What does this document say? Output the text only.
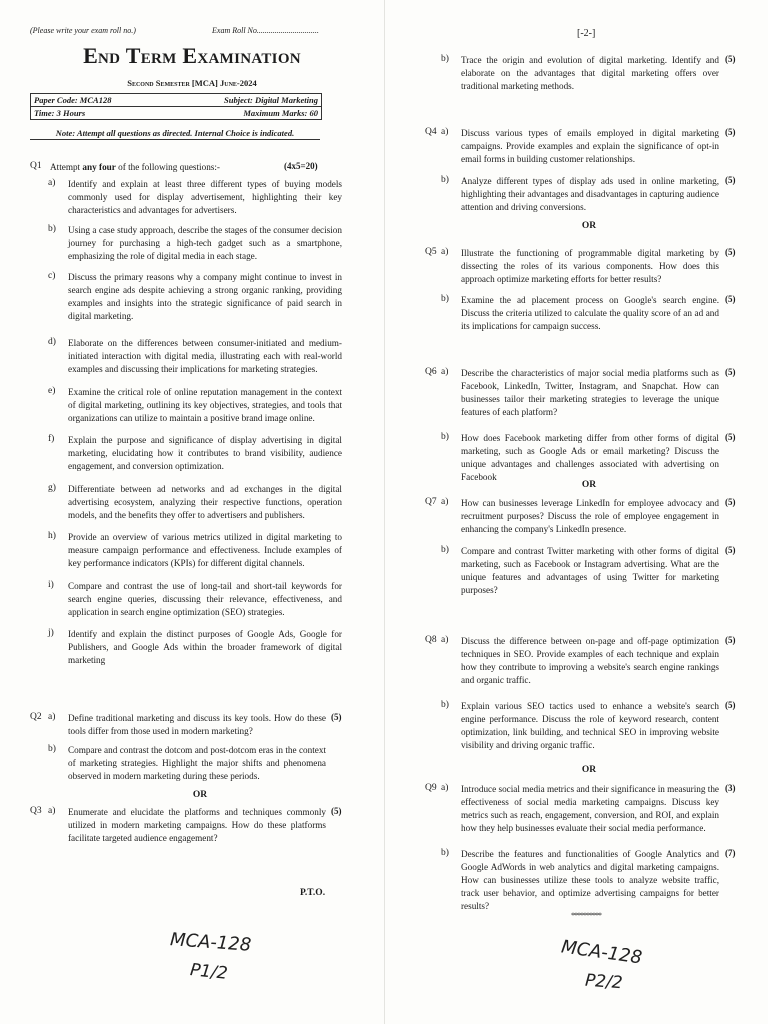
(Please write your exam roll no.)	Exam Roll No...............................
End Term Examination
Second Semester [MCA] June-2024
Paper Code: MCA128	Subject: Digital Marketing
Time: 3 Hours	Maximum Marks: 60
Note: Attempt all questions as directed. Internal Choice is indicated.
Q1 Attempt any four of the following questions:-	(4x5=20)
a) Identify and explain at least three different types of buying models commonly used for display advertisement, highlighting their key characteristics and advantages for advertisers.
b) Using a case study approach, describe the stages of the consumer decision journey for purchasing a high-tech gadget such as a smartphone, emphasizing the role of digital media in each stage.
c) Discuss the primary reasons why a company might continue to invest in search engine ads despite achieving a strong organic ranking, providing examples and insights into the strategic significance of paid search in digital marketing.
d) Elaborate on the differences between consumer-initiated and medium-initiated interaction with digital media, illustrating each with real-world examples and discussing their implications for marketing strategies.
e) Examine the critical role of online reputation management in the context of digital marketing, outlining its key objectives, strategies, and tools that organizations can utilize to maintain a positive brand image online.
f) Explain the purpose and significance of display advertising in digital marketing, elucidating how it contributes to brand visibility, audience engagement, and conversion optimization.
g) Differentiate between ad networks and ad exchanges in the digital advertising ecosystem, analyzing their respective functions, operation models, and the benefits they offer to advertisers and publishers.
h) Provide an overview of various metrics utilized in digital marketing to measure campaign performance and effectiveness. Include examples of key performance indicators (KPIs) for different digital channels.
i) Compare and contrast the use of long-tail and short-tail keywords for search engine queries, discussing their relevance, effectiveness, and application in search engine optimization (SEO) strategies.
j) Identify and explain the distinct purposes of Google Ads, Google for Publishers, and Google Ads within the broader framework of digital marketing
Q2 a) Define traditional marketing and discuss its key tools. How do these tools differ from those used in modern marketing?
(5)
b) Compare and contrast the dotcom and post-dotcom eras in the context of marketing strategies. Highlight the major shifts and phenomena observed in modern marketing during these periods.
OR
Q3 a) Enumerate and elucidate the platforms and techniques commonly utilized in modern marketing campaigns. How do these platforms facilitate targeted audience engagement?
(5)
P.T.O.
MCA-128
P1/2
[-2-]
b) Trace the origin and evolution of digital marketing. Identify and elaborate on the advantages that digital marketing offers over traditional marketing methods.
(5)
Q4 a) Discuss various types of emails employed in digital marketing campaigns. Provide examples and explain the significance of opt-in email forms in building customer relationships.
(5)
b) Analyze different types of display ads used in online marketing, highlighting their advantages and disadvantages in capturing audience attention and driving conversions.
(5)
OR
Q5 a) Illustrate the functioning of programmable digital marketing by dissecting the roles of its various components. How does this approach optimize marketing efforts for better results?
(5)
b) Examine the ad placement process on Google's search engine. Discuss the criteria utilized to calculate the quality score of an ad and its implications for campaign success.
(5)
Q6 a) Describe the characteristics of major social media platforms such as Facebook, LinkedIn, Twitter, Instagram, and Snapchat. How can businesses tailor their marketing strategies to leverage the unique features of each platform?
(5)
b) How does Facebook marketing differ from other forms of digital marketing, such as Google Ads or email marketing? Discuss the unique advantages and challenges associated with advertising on Facebook
(5)
OR
Q7 a) How can businesses leverage LinkedIn for employee advocacy and recruitment purposes? Discuss the role of employee engagement in enhancing the company's LinkedIn presence.
(5)
b) Compare and contrast Twitter marketing with other forms of digital marketing, such as Facebook or Instagram advertising. What are the unique features and advantages of using Twitter for marketing purposes?
(5)
Q8 a) Discuss the difference between on-page and off-page optimization techniques in SEO. Provide examples of each technique and explain how they contribute to improving a website's search engine rankings and organic traffic.
(5)
b) Explain various SEO tactics used to enhance a website's search engine performance. Discuss the role of keyword research, content optimization, link building, and technical SEO in improving website visibility and driving organic traffic.
(5)
OR
Q9 a) Introduce social media metrics and their significance in measuring the effectiveness of social media marketing campaigns. Discuss key metrics such as reach, engagement, conversion, and ROI, and explain how they help businesses evaluate their social media performance.
(3)
b) Describe the features and functionalities of Google Analytics and Google AdWords in web analytics and digital marketing campaigns. How can businesses utilize these tools to analyze website traffic, track user behavior, and optimize advertising campaigns for better results?
(7)
**********
MCA-128
P2/2
